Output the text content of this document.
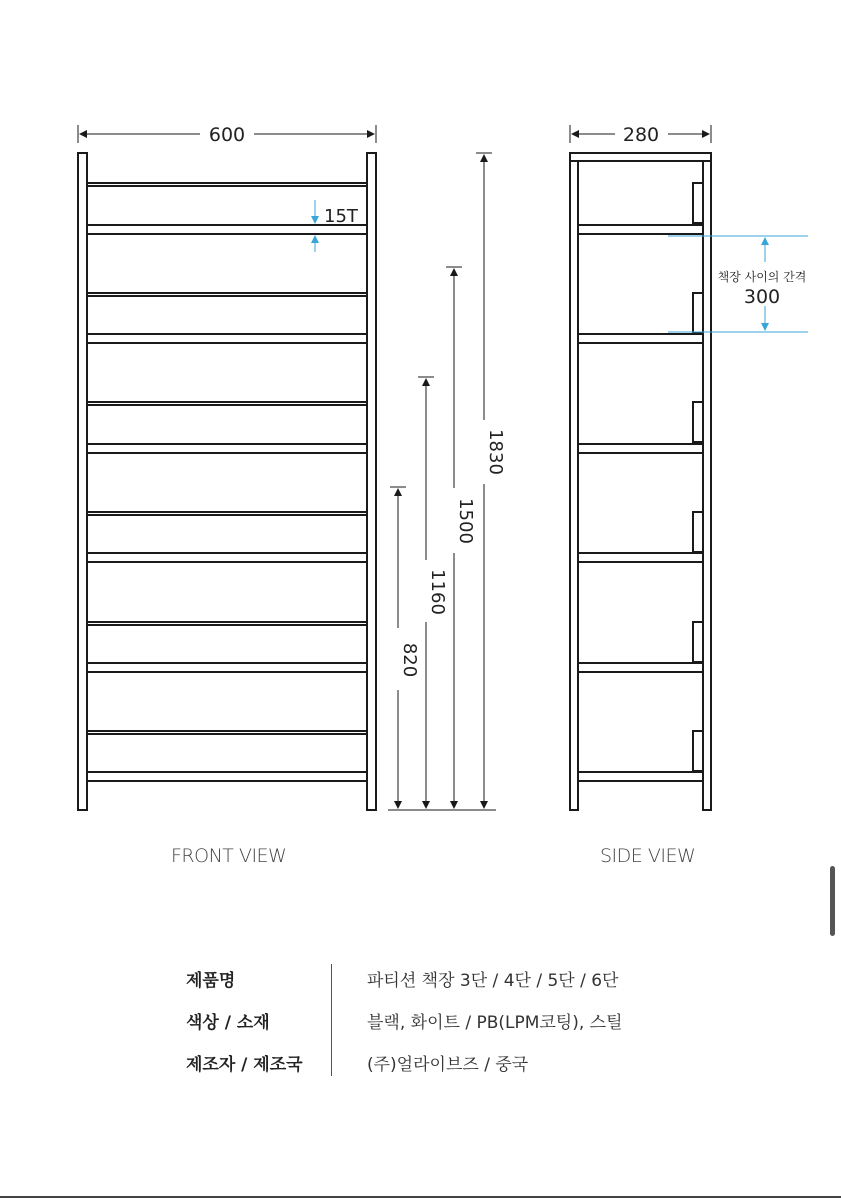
600
15T
820
1160
1500
1830
280
책장 사이의 간격
300
FRONT VIEW	SIDE VIEW
제품명	파티션 책장 3단 / 4단 / 5단 / 6단
색상 / 소재	블랙, 화이트 / PB(LPM코팅), 스틸
제조자 / 제조국	(주)얼라이브즈 / 중국
